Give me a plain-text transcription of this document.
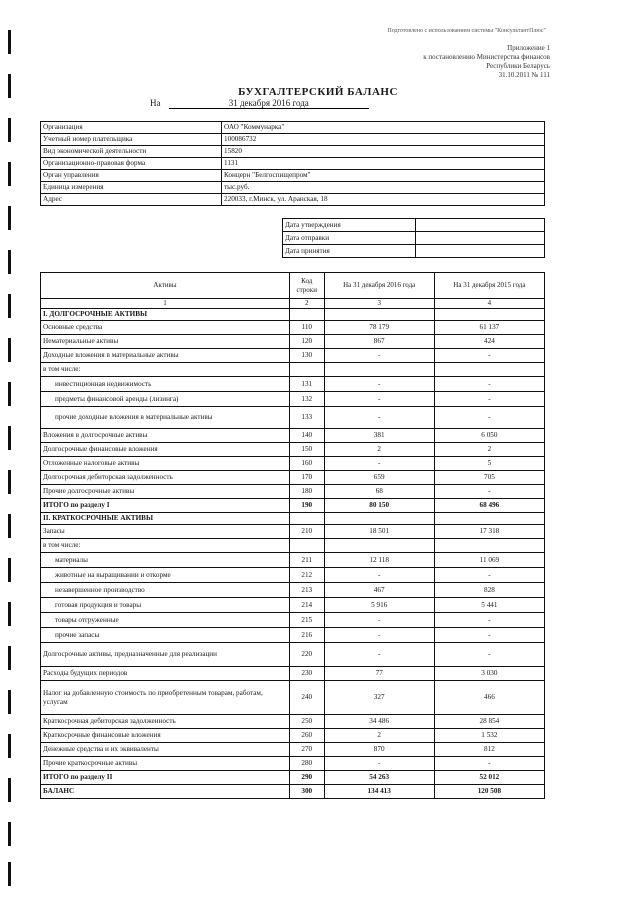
Подготовлено с использованием системы "КонсультантПлюс"
Приложение 1
к постановлению Министерства финансов
Республики Беларусь
31.10.2011 № 111
БУХГАЛТЕРСКИЙ БАЛАНС
На	31 декабря 2016 года
Организация	ОАО "Коммунарка"
Учетный номер плательщика	100086732
Вид экономической деятельности	15820
Организационно-правовая форма	1131
Орган управления	Концерн "Белгоспищепром"
Единица измерения	тыс.руб.
Адрес	220033, г.Минск, ул. Аранская, 18
Дата утверждения	
Дата отправки	
Дата принятия	
Активы	Код строки	На 31 декабря 2016 года	На 31 декабря 2015 года
1	2	3	4
I. ДОЛГОСРОЧНЫЕ АКТИВЫ			
Основные средства	110	78 179	61 137
Нематериальные активы	120	867	424
Доходные вложения в материальные активы	130	-	-
в том числе:			
инвестиционная недвижимость	131	-	-
предметы финансовой аренды (лизинга)	132	-	-
прочие доходные вложения в материальные активы	133	-	-
Вложения в долгосрочные активы	140	381	6 050
Долгосрочные финансовые вложения	150	2	2
Отложенные налоговые активы	160	-	5
Долгосрочная дебиторская задолженность	170	659	705
Прочие долгосрочные активы	180	68	-
ИТОГО по разделу I	190	80 150	68 496
II. КРАТКОСРОЧНЫЕ АКТИВЫ			
Запасы	210	18 501	17 318
в том числе:			
материалы	211	12 118	11 069
животные на выращивании и откорме	212	-	-
незавершенное производство	213	467	828
готовая продукция и товары	214	5 916	5 441
товары отгруженные	215	-	-
прочие запасы	216	-	-
Долгосрочные активы, предназначенные для реализации	220	-	-
Расходы будущих периодов	230	77	3 030
Налог на добавленную стоимость по приобретенным товарам, работам, услугам	240	327	466
Краткосрочная дебиторская задолженность	250	34 486	28 854
Краткосрочные финансовые вложения	260	2	1 532
Денежные средства и их эквиваленты	270	870	812
Прочие краткосрочные активы	280	-	-
ИТОГО по разделу II	290	54 263	52 012
БАЛАНС	300	134 413	120 508
